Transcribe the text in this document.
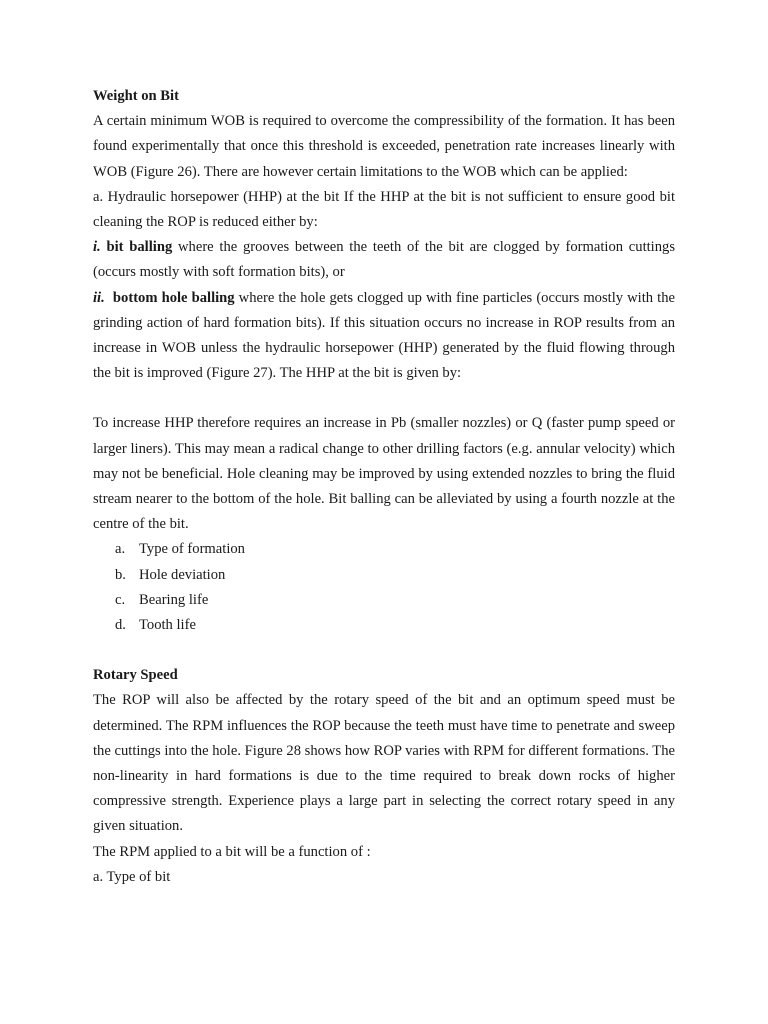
Weight on Bit

A certain minimum WOB is required to overcome the compressibility of the formation. It has been found experimentally that once this threshold is exceeded, penetration rate increases linearly with WOB (Figure 26). There are however certain limitations to the WOB which can be applied:

a. Hydraulic horsepower (HHP) at the bit If the HHP at the bit is not sufficient to ensure good bit cleaning the ROP is reduced either by:

i. bit balling where the grooves between the teeth of the bit are clogged by formation cuttings (occurs mostly with soft formation bits), or

ii. bottom hole balling where the hole gets clogged up with fine particles (occurs mostly with the grinding action of hard formation bits). If this situation occurs no increase in ROP results from an increase in WOB unless the hydraulic horsepower (HHP) generated by the fluid flowing through the bit is improved (Figure 27). The HHP at the bit is given by:

To increase HHP therefore requires an increase in Pb (smaller nozzles) or Q (faster pump speed or larger liners). This may mean a radical change to other drilling factors (e.g. annular velocity) which may not be beneficial. Hole cleaning may be improved by using extended nozzles to bring the fluid stream nearer to the bottom of the hole. Bit balling can be alleviated by using a fourth nozzle at the centre of the bit.

a. Type of formation
b. Hole deviation
c. Bearing life
d. Tooth life

Rotary Speed

The ROP will also be affected by the rotary speed of the bit and an optimum speed must be determined. The RPM influences the ROP because the teeth must have time to penetrate and sweep the cuttings into the hole. Figure 28 shows how ROP varies with RPM for different formations. The non-linearity in hard formations is due to the time required to break down rocks of higher compressive strength. Experience plays a large part in selecting the correct rotary speed in any given situation.

The RPM applied to a bit will be a function of :

a. Type of bit
